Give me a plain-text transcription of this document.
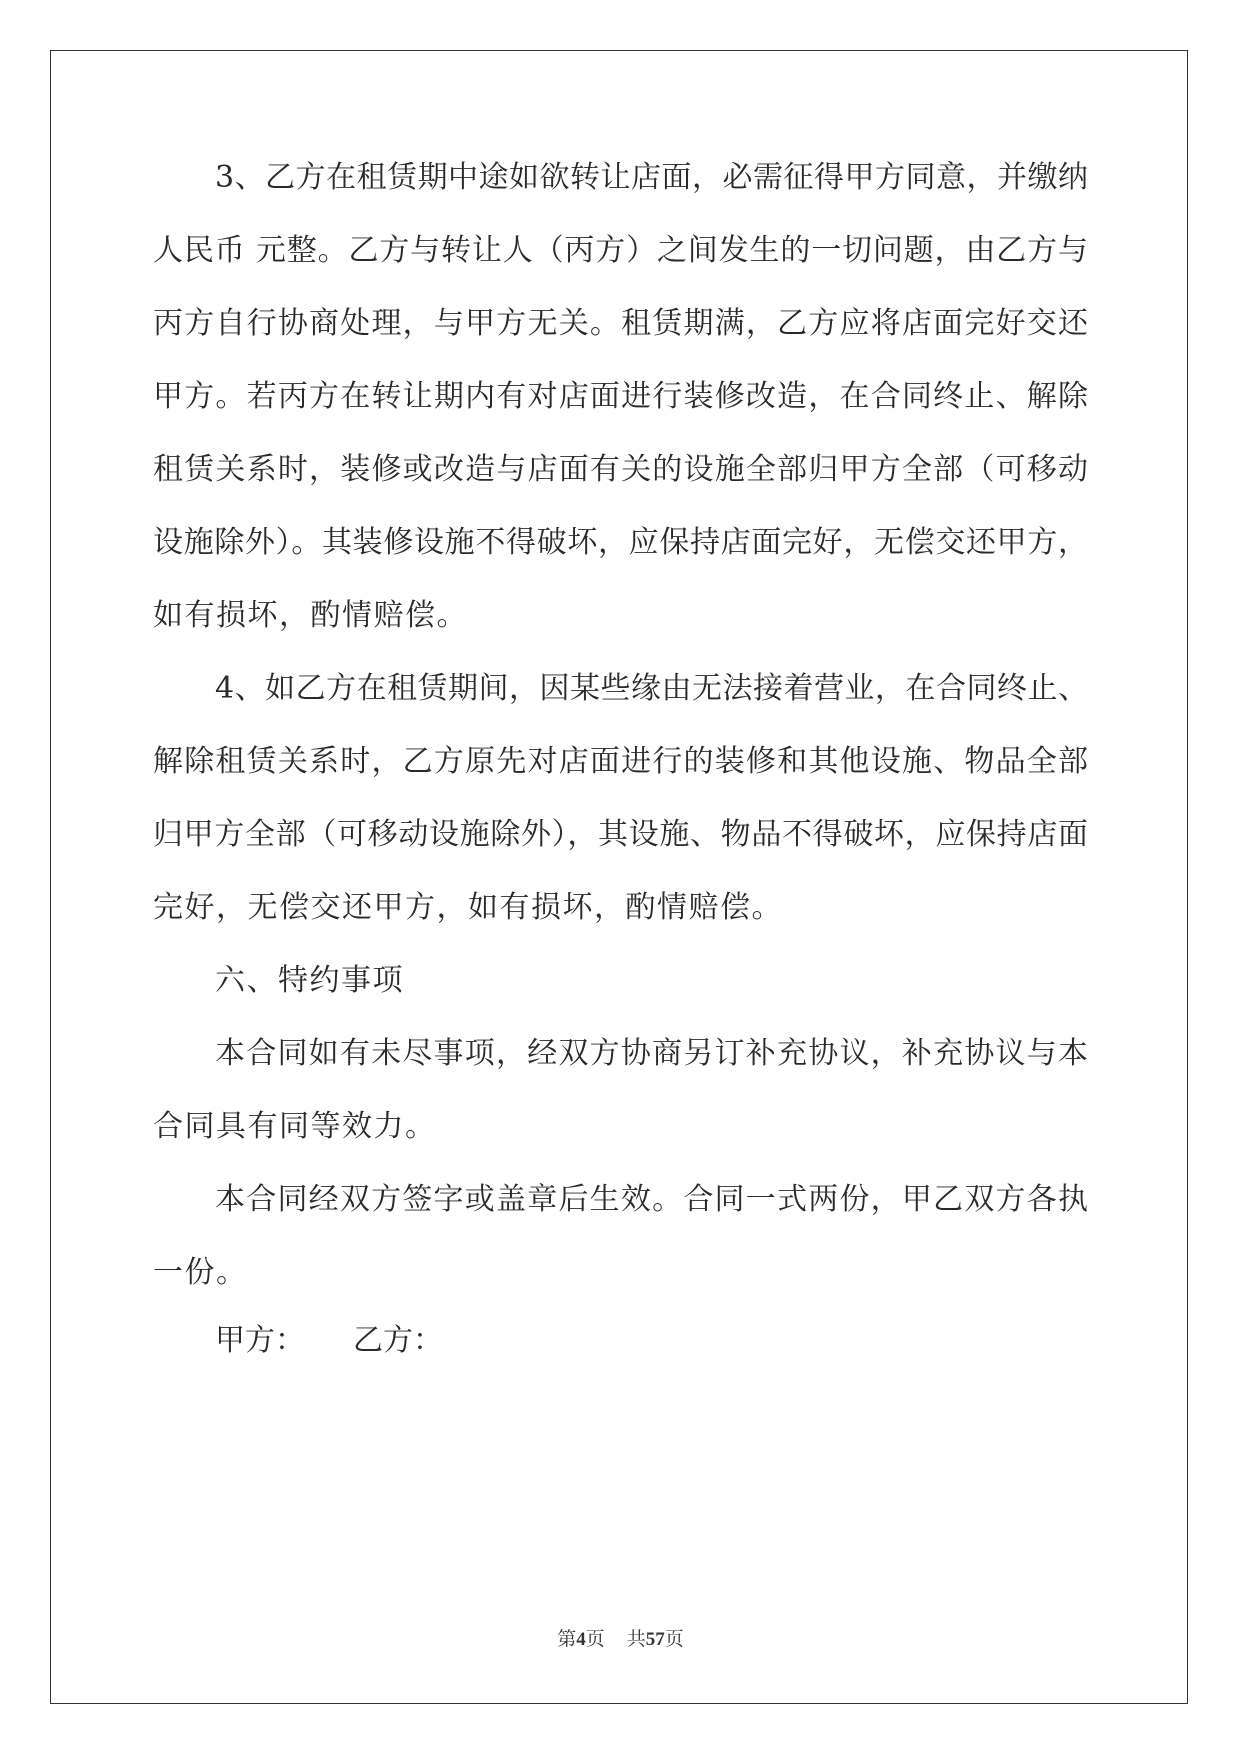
3、乙方在租赁期中途如欲转让店面，必需征得甲方同意，并缴纳
人民币 元整。乙方与转让人（丙方）之间发生的一切问题，由乙方与
丙方自行协商处理，与甲方无关。租赁期满，乙方应将店面完好交还
甲方。若丙方在转让期内有对店面进行装修改造，在合同终止、解除
租赁关系时，装修或改造与店面有关的设施全部归甲方全部（可移动
设施除外）。其装修设施不得破坏，应保持店面完好，无偿交还甲方，
如有损坏，酌情赔偿。
4、如乙方在租赁期间，因某些缘由无法接着营业，在合同终止、
解除租赁关系时，乙方原先对店面进行的装修和其他设施、物品全部
归甲方全部（可移动设施除外），其设施、物品不得破坏，应保持店面
完好，无偿交还甲方，如有损坏，酌情赔偿。
六、特约事项
本合同如有未尽事项，经双方协商另订补充协议，补充协议与本
合同具有同等效力。
本合同经双方签字或盖章后生效。合同一式两份，甲乙双方各执
一份。
甲方： 乙方：
第4页 共57页
